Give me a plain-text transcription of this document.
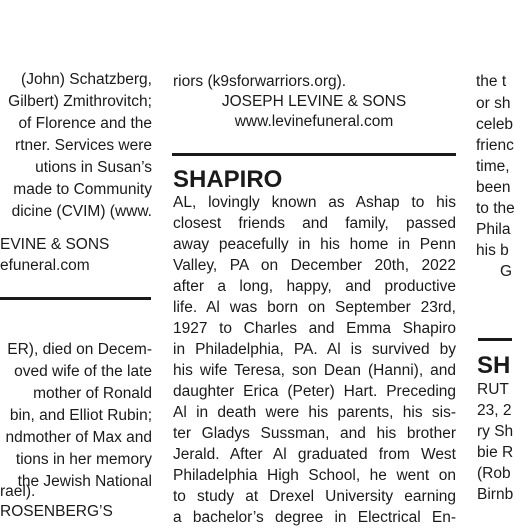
(John) Schatzberg,
Gilbert) Zmithrovitch;
of Florence and the
rtner. Services were
utions in Susan’s
made to Community
dicine (CVIM) (www.
EVINE & SONS
efuneral.com
ER), died on Decem-
oved wife of the late
mother of Ronald
bin, and Elliot Rubin;
ndmother of Max and
tions in her memory
the Jewish National
rael).
ROSENBERG’S
riors (k9sforwarriors.org).
JOSEPH LEVINE & SONS
www.levinefuneral.com
SHAPIRO
AL, lovingly known as Ashap to his
closest friends and family, passed
away peacefully in his home in Penn
Valley, PA on December 20th, 2022
after a long, happy, and productive
life. Al was born on September 23rd,
1927 to Charles and Emma Shapiro
in Philadelphia, PA. Al is survived by
his wife Teresa, son Dean (Hanni), and
daughter Erica (Peter) Hart. Preceding
Al in death were his parents, his sis-
ter Gladys Sussman, and his brother
Jerald. After Al graduated from West
Philadelphia High School, he went on
to study at Drexel University earning
a bachelor’s degree in Electrical En-
the t
or sh
celeb
frienc
time,
been
to the
Phila
his b
G
SH
RUT
23, 2
ry Sh
bie R
(Rob
Birnb
